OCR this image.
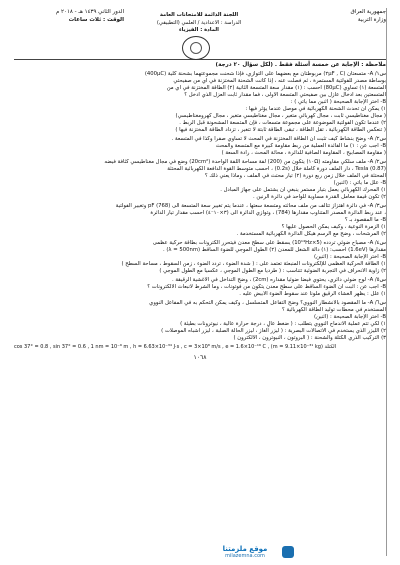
جمهورية العراق
وزارة التربية
اللجنة الدائمة للامتحانات العامة
الدراسة : الاعدادية / العلمي (التطبيقي)
المادة : الفيزياء
الدور الثاني ١٤٣٩ هـ - ٢٠١٨ م
الوقت : ثلاث ساعات
ملاحظة : الإجابة عن خمسة أسئلة فقط . (لكل سؤال ٢٠ درجة)
س١/ A- متسعتان (٢μF , C) مربوطتان مع بعضهما على التوازي، فإذا شحنت مجموعتهما بشحنة كلية (400μC)
بوساطة مصدر للفولتية المستمرة ، ثم فصلت عنه ، إذا كانت الشحنة المختزنة في أي من صفيحتي
المتسعة (١) تساوي (80μC) أحسب : (١) مقدار سعة المتسعة الثانية (٢) الطاقة المختزنة في أي من
المتسعتين بعد ادخال عازل بين صفيحتي المتسعة الأولى ، فما مقدار ثابت العزل الذي أدخل ؟
B- اختر الإجابة الصحيحة ( اثنين مما يأتي ) :
١) يمكن ان تحدث الشحنة الكهربائية في موصل عندما يؤثر فيها :
( مجال مغناطيسي ثابت ، مجال كهربائي متغير ، مجال مغناطيسي متغير ، مجال كهرومغناطيسي)
٢) عندما تكون الفولتية الموضوعة على مجموعة متسعات ، فإن المتسعة المشحونة قبل الربط .
( تنعكس الطاقة الكهربائية ، تقل الطاقة ، تبقى الطاقة ثابتة لا تتغير ، تزداد الطاقة المختزنة فيها )
س٢/ A- وضح بنشاط كيف تثبت ان الطاقة المختزنة في المحث لا تساوي صفراً وكذا في المتسعة .
B- أجب عن : ١) ما الفائدة العملية من ربط مقاومة كبيرة مع المتسعة والمحث
( مقاومة المصابيح ، المقاومة الصافية للدائرة ، محاثة المحث ، رادة السعة )
س٢/ A- ملف سلكي مقاومته (١٠Ω) يتكون من (200) لفة مساحة اللفة الواحدة (20cm²) وضع في مجال مغناطيسي كثافة فيضه
(0.87) Tesla ، دار الملف دورة كاملة خلال (0.2s) ، احسب متوسط القوة الدافعة الكهربائية المحتثة
المحتثة في الملف خلال زمن ربع دورة (٢) تيار محتث في الملف ، وماذا يعني ذلك ؟
B- علل ما يأتي : (اثنين)
١) المحرك الكهربائي يعمل بتيار مستمر ينبغي ان يشتمل على جهاز المبادل .
٢) تكون قيمة معامل القدرة مساوية للواحد في دائرة الرنين .
س٣/ A- في دائرة اهتزاز تتألف من ملف محاثته ومتسعة سعتها ، عندما يتم تغيير سعة المتسعة الى (768) pF وتغيير الفولتية
، عند ربط الدائرة المصدر المتناوب مقدارها (784) ، وتوازي الدائرة الى (٣×١٠⁻٤) احسب مقدار تيار الدائرة
B- ما المقصود بـ ؟
١) الزمرة النوعية ، وكيف يمكن الحصول عليها ؟
٢) المرشحات ، وضح مع الرسم هيكل الدائرة الكهربائية المستخدمة .
س٤/ A- مصباح ضوئي تردده (5×10¹⁴Hz) يسقط على سطح معدن فيتحرر الكترونات بطاقة حركية عظمى
مقدارها (1.6eV) احسب: (١) دالة الشغل للمعدن (٢) الطول الموجي للضوء الساقط (λ = 500nm) .
B- اختر الإجابة الصحيحة : (اثنين)
١) الطاقة الحركية العظمى للإلكترونات المنبعثة تعتمد على : ( شدة الضوء ، تردد الضوء ، زمن السقوط ، مساحة السطح )
٢) زاوية الانحراف في التجربة الضوئية تتناسب : ( طردياً مع الطول الموجي ، عكسياً مع الطول الموجي )
س٥/ A- لوح ضوئي دائري، يحتوي فيضاً ضوئياً مقداره (2cm) ، وضح التداخل في الأغشية الرقيقة .
B- أجب عن : أثبت ان الضوء الساقط على سطح معدن يتكون من فوتونات ، وما الشرط لانبعاث الالكترونات ؟
١) علل : يظهر الغشاء الرقيق ملوناً عند سقوط الضوء الأبيض عليه .
س٦/ A- ما المقصود بالانشطار النووي؟ وضح التفاعل المتسلسل ، وكيف يمكن التحكم به في المفاعل النووي
المستخدم في محطات توليد الطاقة الكهربائية ؟
B- اختر الإجابة الصحيحة : (اثنين)
١) لكي تتم عملية الاندماج النووي يتطلب : ( ضغط عالٍ ، درجة حرارة عالية ، نيوترونات بطيئة )
٢) الليزر الذي يستخدم في الاتصالات البصرية : ( ليزر الغاز ، ليزر الحالة الصلبة ، ليزر أشباه الموصلات )
٣) التركيب الذري الكتلة والشحنة : ( البروتون ، النيوترون ، الالكترون )
cos 37° = 0.8 , sin 37° = 0.6 , 1 nm = 10⁻⁹ m , h = 6.63×10⁻³⁴ J·s , c = 3×10⁸ m/s , e = 1.6×10⁻¹⁹ C , (m = 9.11×10⁻³¹ kg) الكتلة
١٠٦٨
موقع ملزمتنا
milazemna.com
